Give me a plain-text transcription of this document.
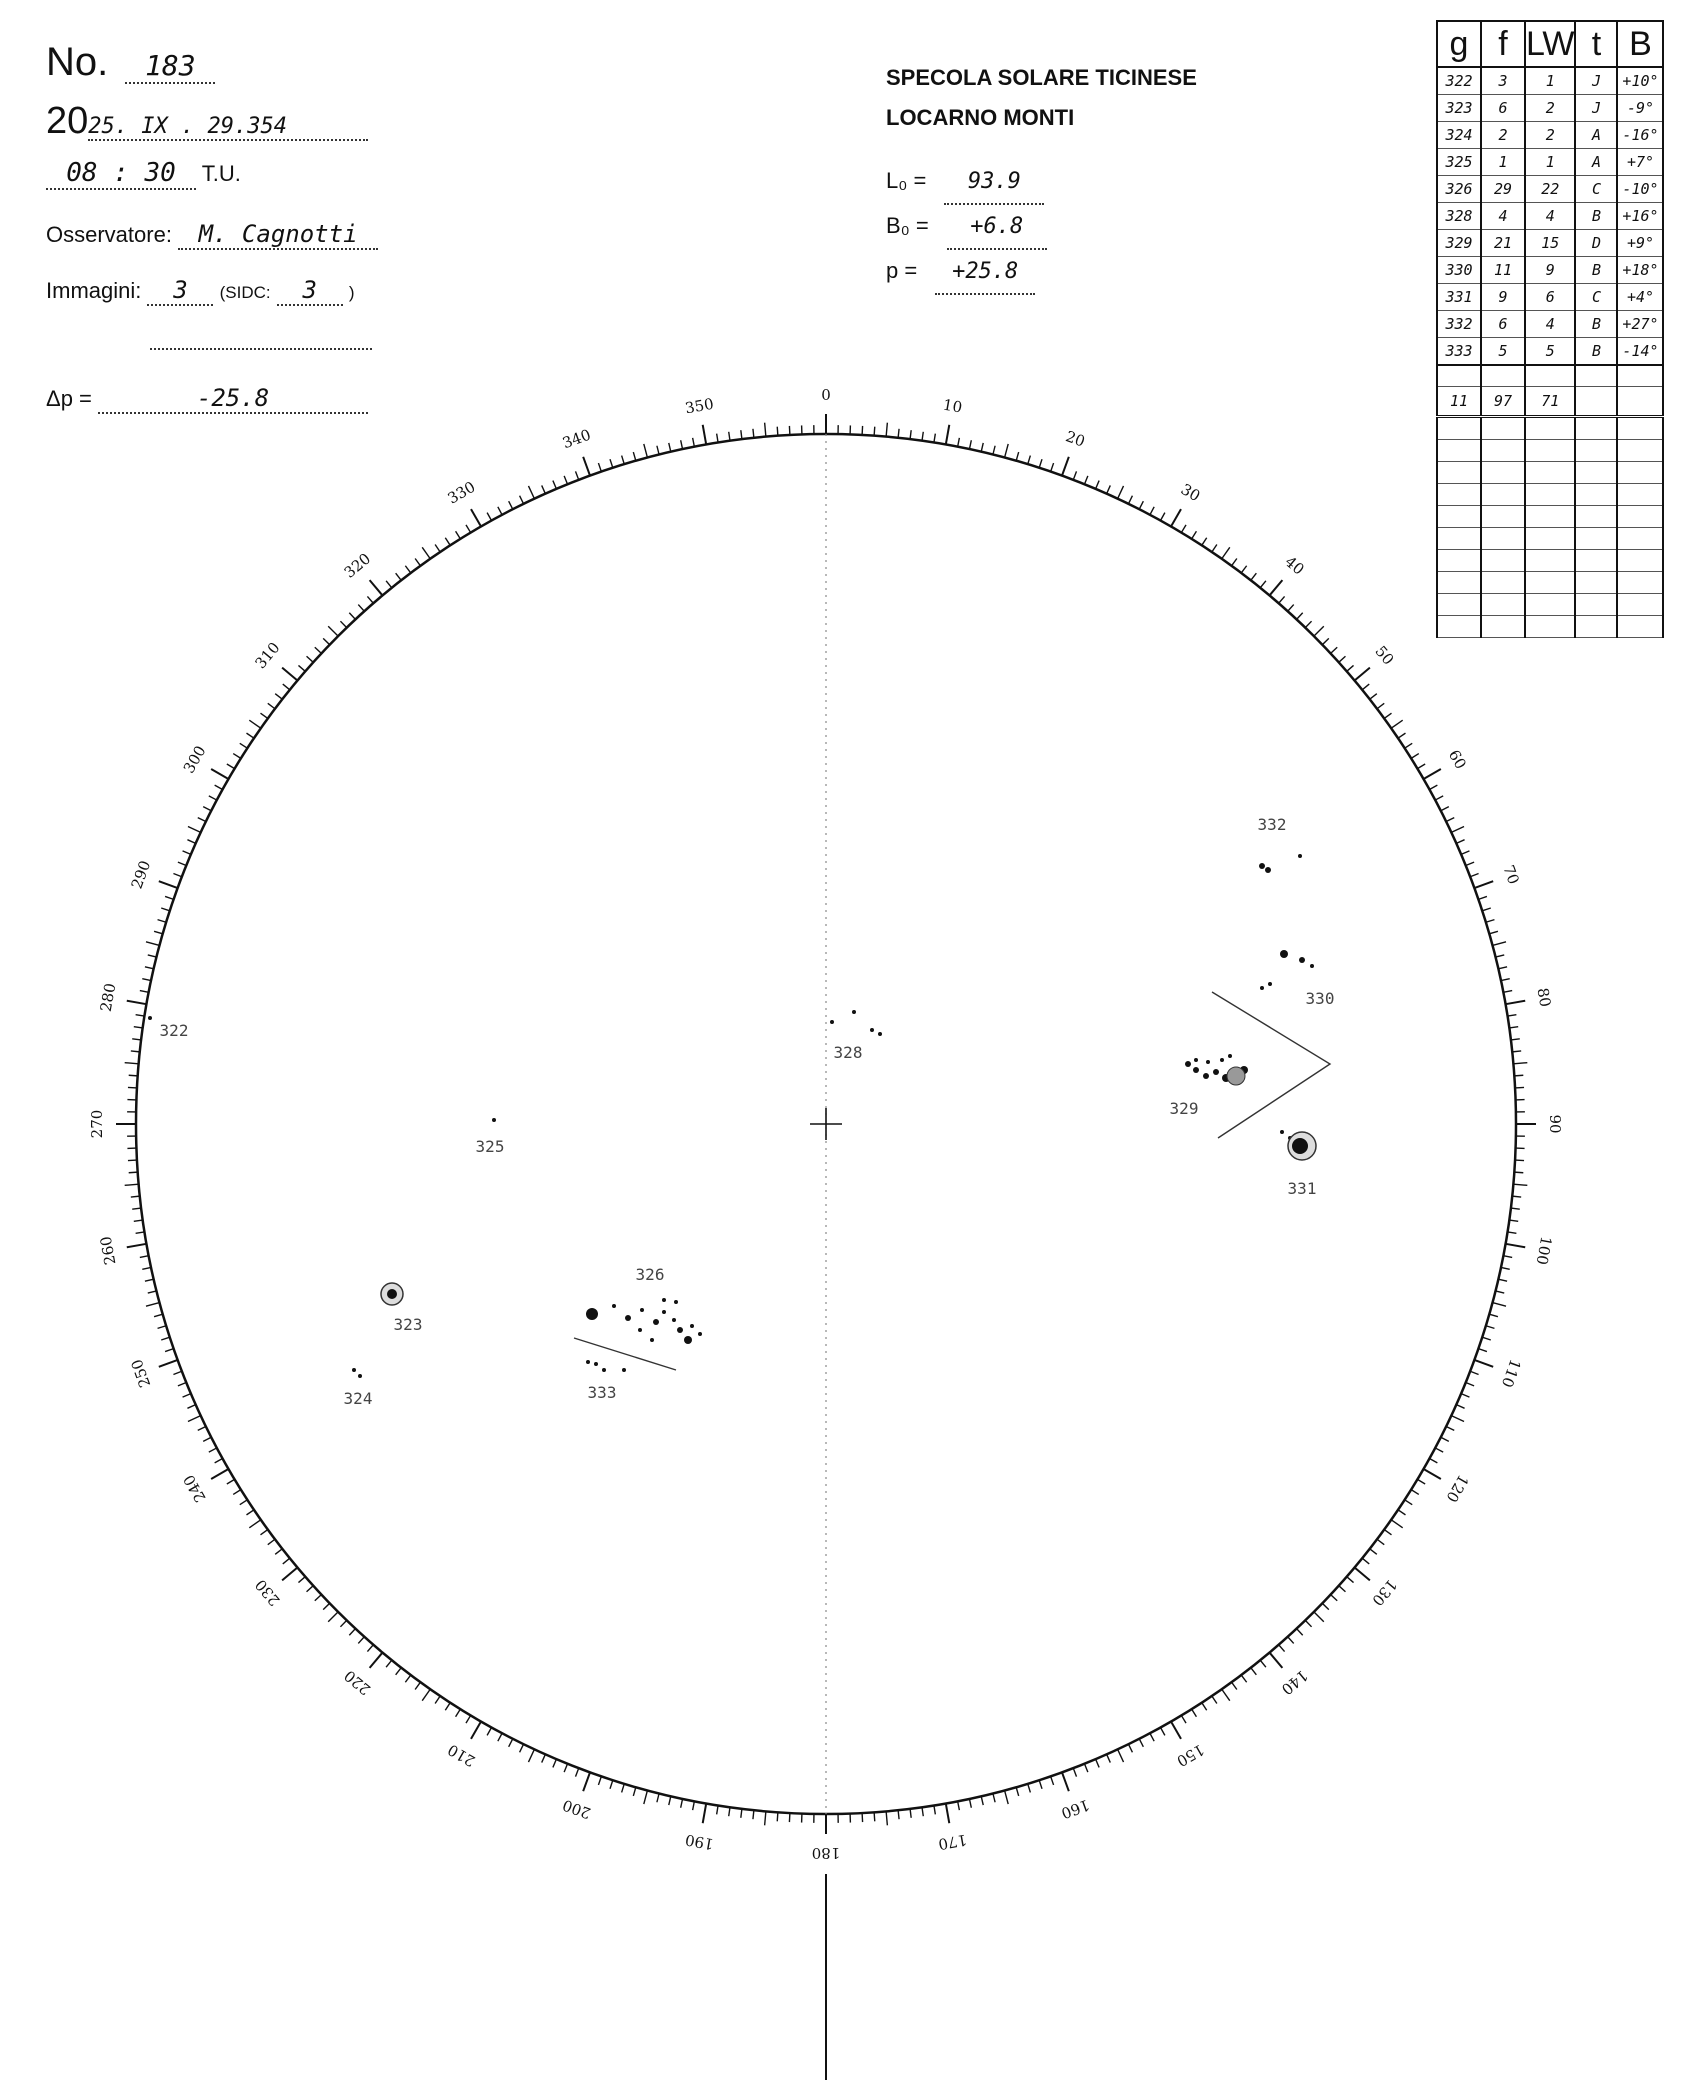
No. 183
2025. IX . 29.354
08 : 30 T.U.
Osservatore: M. Cagnotti
Immagini: 3 (SIDC: 3 )
Δp =	-25.8
SPECOLA SOLARE TICINESE
LOCARNO MONTI
L₀ = 93.9
B₀ = +6.8
p = +25.8
g	f	LW	t	B
322	3	1	J	+10°
323	6	2	J	-9°
324	2	2	A	-16°
325	1	1	A	+7°
326	29	22	C	-10°
328	4	4	B	+16°
329	21	15	D	+9°
330	11	9	B	+18°
331	9	6	C	+4°
332	6	4	B	+27°
333	5	5	B	-14°

11	97	71		

0
10
20
30
40
50
60
70
80
90
100
110
120
130
140
150
160
170
180
190
200
210
220
230
240
250
260
270
280
290
300
310
320
330
340
350
332
330
329
331
328
322
325
326
333
323
324
